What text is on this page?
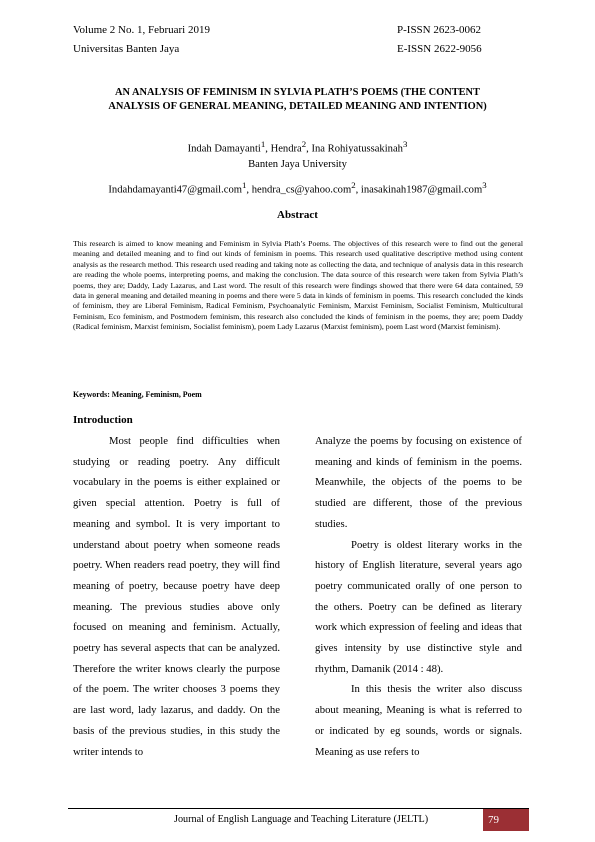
Volume 2 No. 1, Februari 2019	P-ISSN 2623-0062
Universitas Banten Jaya	E-ISSN 2622-9056
AN ANALYSIS OF FEMINISM IN SYLVIA PLATH’S POEMS (THE CONTENT
ANALYSIS OF GENERAL MEANING, DETAILED MEANING AND INTENTION)
Indah Damayanti$^1$, Hendra$^2$, Ina Rohiyatussakinah$^3$
Banten Jaya University
Indahdamayanti47@gmail.com$^1$, hendra_cs@yahoo.com$^2$, inasakinah1987@gmail.com$^3$
Abstract

This research is aimed to know meaning and Feminism in Sylvia Plath’s Poems. The objectives of this research were to find out the general meaning and detailed meaning and to find out kinds of feminism in poems. This research used qualitative descriptive method using content analysis as the research method. This research used reading and taking note as collecting the data, and technique of analysis data in this research are reading the whole poems, interpreting poems, and making the conclusion. The data source of this research were taken from Sylvia Plath’s poems, they are; Daddy, Lady Lazarus, and Last word. The result of this research were findings showed that there were 64 data contained, 59 data in general meaning and detailed meaning in poems and there were 5 data in kinds of feminism in poems. This research concluded the kinds of feminism, they are Liberal Feminism, Radical Feminism, Psychoanalytic Feminism, Marxist Feminism, Socialist Feminism, Multicultural Feminism, Eco feminism, and Postmodern feminism, this research also concluded the kinds of feminism in the poems, they are; poem Daddy (Radical feminism, Marxist feminism, Socialist feminism), poem Lady Lazarus (Marxist feminism), poem Last word (Marxist feminism).

Keywords: Meaning, Feminism, Poem
Introduction

Most people find difficulties when studying or reading poetry. Any difficult vocabulary in the poems is either explained or given special attention. Poetry is full of meaning and symbol. It is very important to understand about poetry when someone reads poetry. When readers read poetry, they will find meaning of poetry, because poetry have deep meaning. The previous studies above only focused on meaning and feminism. Actually, poetry has several aspects that can be analyzed. Therefore the writer knows clearly the purpose of the poem. The writer chooses 3 poems they are last word, lady lazarus, and daddy. On the basis of the previous studies, in this study the writer intends to

Analyze the poems by focusing on existence of meaning and kinds of feminism in the poems. Meanwhile, the objects of the poems to be studied are different, those of the previous studies.

Poetry is oldest literary works in the history of English literature, several years ago poetry communicated orally of one person to the others. Poetry can be defined as literary work which expression of feeling and ideas that gives intensity by use distinctive style and rhythm, Damanik (2014 : 48).

In this thesis the writer also discuss about meaning, Meaning is what is referred to or indicated by eg sounds, words or signals. Meaning as use refers to

Journal of English Language and Teaching Literature (JELTL)	79
